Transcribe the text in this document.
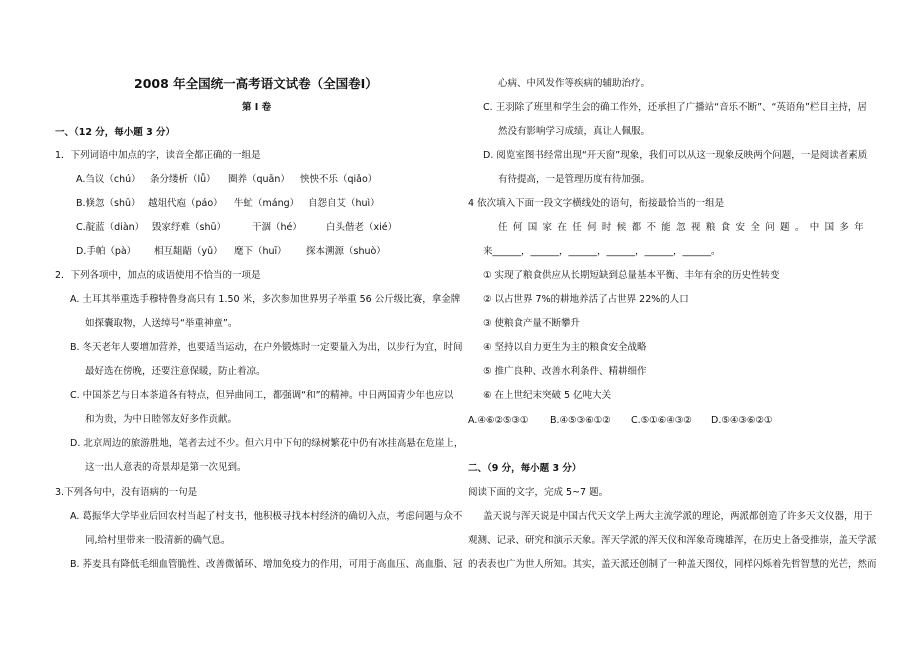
2008 年全国统一高考语文试卷（全国卷Ⅰ）
第 I 卷
一、（12 分，每小题 3 分）
1．下列词语中加点的字，读音全都正确的一组是
A.刍议（chú） 条分缕析（lǚ） 圈养（quān） 怏怏不乐（qiǎo）
B.倏忽（shū） 越俎代庖（páo） 牛虻（máng） 自怨自艾（huì）
C.靛蓝（diàn） 毁家纾难（shū）	干涸（hé）	白头偕老（xié）
D.手帕（pà） 相互龃龉（yǔ） 麾下（huī） 探本溯源（shuò）
2．下列各项中，加点的成语使用不恰当的一项是
A. 土耳其举重选手穆特鲁身高只有 1.50 米，多次参加世界男子举重 56 公斤级比赛，拿金牌
如探囊取物，人送绰号“举重神童”。
B. 冬天老年人要增加营养，也要适当运动，在户外锻炼时一定要量入为出，以步行为宜，时间
最好选在傍晚，还要注意保暖，防止着凉。
C. 中国茶艺与日本茶道各有特点，但异曲同工，都强调“和”的精神。中日两国青少年也应以
和为贵，为中日睦邻友好多作贡献。
D. 北京周边的旅游胜地，笔者去过不少。但六月中下旬的绿树繁花中仍有冰挂高悬在危崖上，
这一出人意表的奇景却是第一次见到。
3.下列各句中，没有语病的一句是
A. 葛振华大学毕业后回农村当起了村支书，他积极寻找本村经济的确切入点，考虑问题与众不
同,给村里带来一股清新的确气息。
B. 荞麦具有降低毛细血管脆性、改善微循环、增加免疫力的作用，可用于高血压、高血脂、冠
心病、中风发作等疾病的辅助治疗。
C. 王羽除了班里和学生会的确工作外，还承担了广播站“音乐不断”、“英语角”栏目主持，居
然没有影响学习成绩，真让人佩服。
D. 阅览室图书经常出现“开天窗”现象，我们可以从这一现象反映两个问题，一是阅读者素质
有待提高，一是管理历度有待加强。
4 依次填入下面一段文字横线处的语句，衔接最恰当的一组是
任 何 国 家 在 任 何 时 候 都 不 能 忽 视 粮 食 安 全 问 题 。 中 国 多 年
来______，______，______，______，______，______。
① 实现了粮食供应从长期短缺到总量基本平衡、丰年有余的历史性转变
② 以占世界 7%的耕地养活了占世界 22%的人口
③ 使粮食产量不断攀升
④ 坚持以自力更生为主的粮食安全战略
⑤ 推广良种、改善水利条件、精耕细作
⑥ 在上世纪末突破 5 亿吨大关
A.④⑥②⑤③① B.④⑤③⑥①② C.⑤①⑥④③② D.⑤④③⑥②①
二、（9 分，每小题 3 分）
阅读下面的文字，完成 5~7 题。
盖天说与浑天说是中国古代天文学上两大主流学派的理论，两派都创造了许多天文仪器，用于
观测、记录、研究和演示天象。浑天学派的浑天仪和浑象奇瑰雄浑，在历史上备受推崇，盖天学派
的表表也广为世人所知。其实，盖天派还创制了一种盖天图仪，同样闪烁着先哲智慧的光芒，然而
